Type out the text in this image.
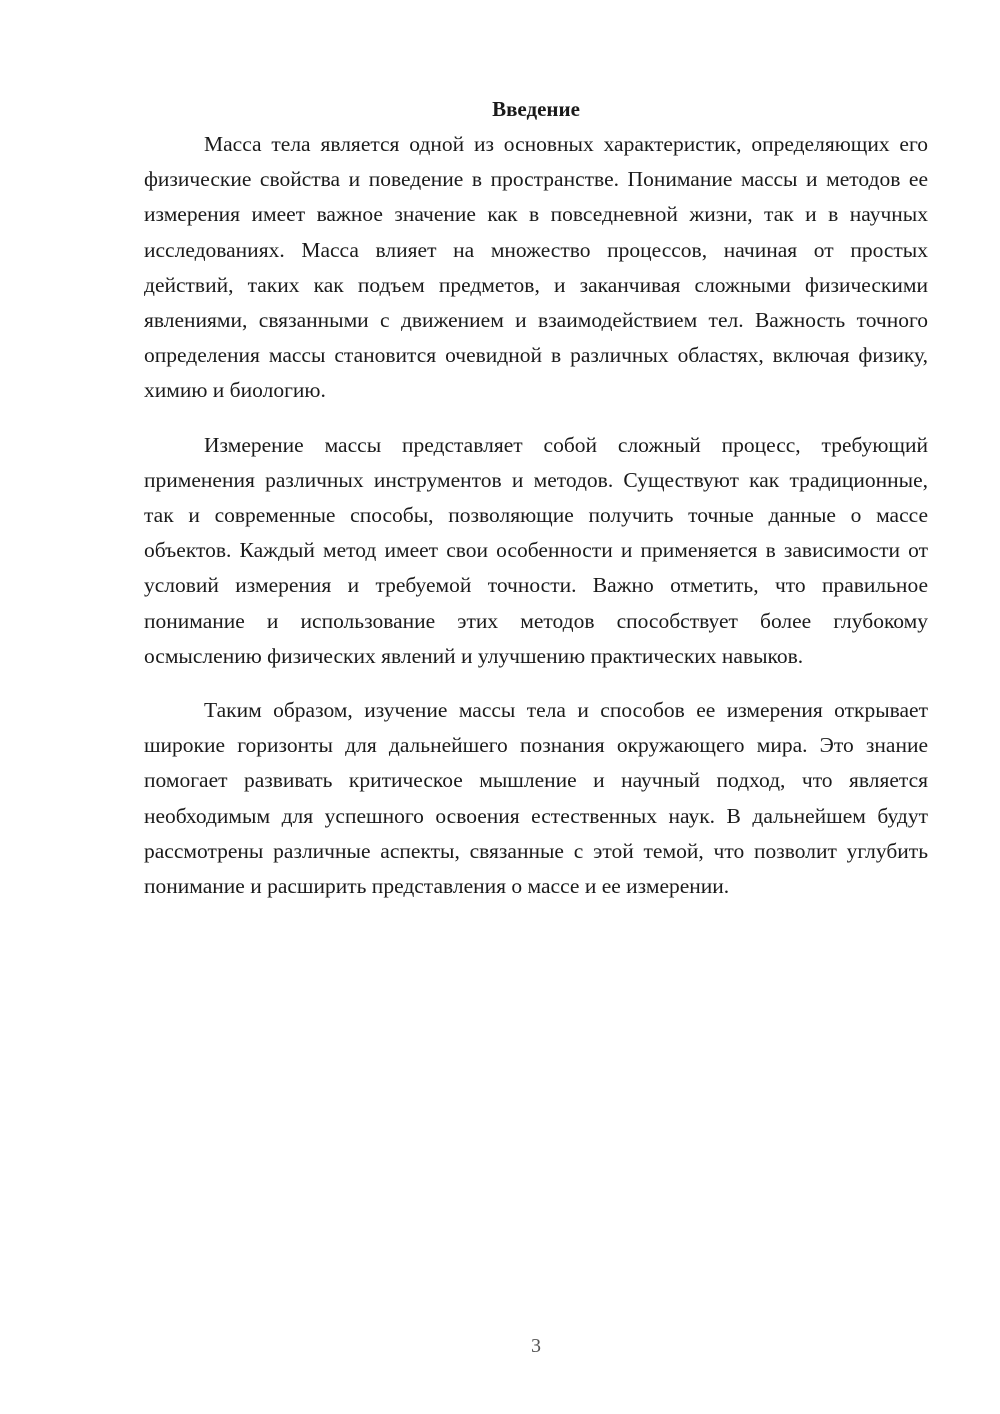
Введение

Масса тела является одной из основных характеристик, определяющих его физические свойства и поведение в пространстве. Понимание массы и методов ее измерения имеет важное значение как в повседневной жизни, так и в научных исследованиях. Масса влияет на множество процессов, начиная от простых действий, таких как подъем предметов, и заканчивая сложными физическими явлениями, связанными с движением и взаимодействием тел. Важность точного определения массы становится очевидной в различных областях, включая физику, химию и биологию.

Измерение массы представляет собой сложный процесс, требующий применения различных инструментов и методов. Существуют как традиционные, так и современные способы, позволяющие получить точные данные о массе объектов. Каждый метод имеет свои особенности и применяется в зависимости от условий измерения и требуемой точности. Важно отметить, что правильное понимание и использование этих методов способствует более глубокому осмыслению физических явлений и улучшению практических навыков.

Таким образом, изучение массы тела и способов ее измерения открывает широкие горизонты для дальнейшего познания окружающего мира. Это знание помогает развивать критическое мышление и научный подход, что является необходимым для успешного освоения естественных наук. В дальнейшем будут рассмотрены различные аспекты, связанные с этой темой, что позволит углубить понимание и расширить представления о массе и ее измерении.

3
